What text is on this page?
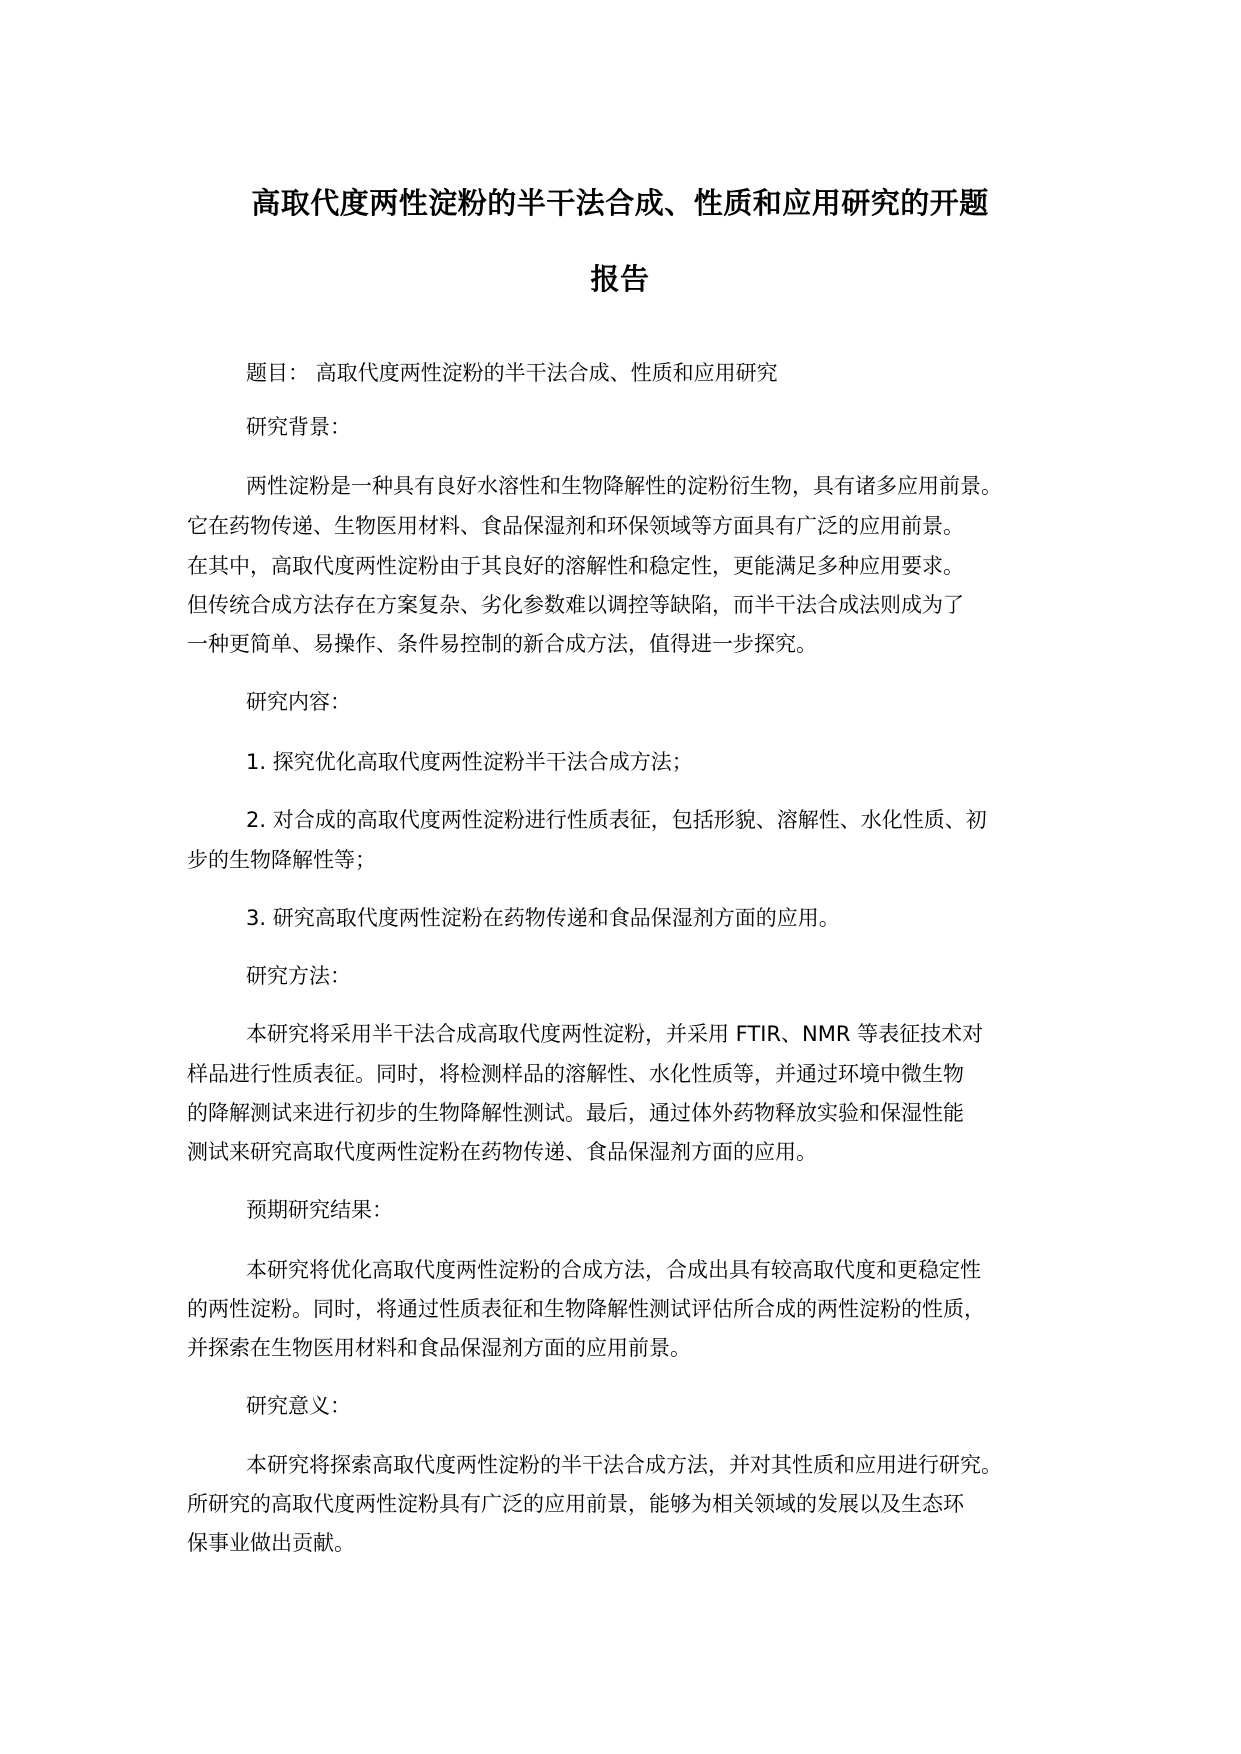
高取代度两性淀粉的半干法合成、性质和应用研究的开题
报告
题目： 高取代度两性淀粉的半干法合成、性质和应用研究
研究背景：
两性淀粉是一种具有良好水溶性和生物降解性的淀粉衍生物，具有诸多应用前景。
它在药物传递、生物医用材料、食品保湿剂和环保领域等方面具有广泛的应用前景。
在其中，高取代度两性淀粉由于其良好的溶解性和稳定性，更能满足多种应用要求。
但传统合成方法存在方案复杂、劣化参数难以调控等缺陷，而半干法合成法则成为了
一种更简单、易操作、条件易控制的新合成方法，值得进一步探究。
研究内容：
1. 探究优化高取代度两性淀粉半干法合成方法；
2. 对合成的高取代度两性淀粉进行性质表征，包括形貌、溶解性、水化性质、初
步的生物降解性等；
3. 研究高取代度两性淀粉在药物传递和食品保湿剂方面的应用。
研究方法：
本研究将采用半干法合成高取代度两性淀粉，并采用 FTIR、NMR 等表征技术对
样品进行性质表征。同时，将检测样品的溶解性、水化性质等，并通过环境中微生物
的降解测试来进行初步的生物降解性测试。最后，通过体外药物释放实验和保湿性能
测试来研究高取代度两性淀粉在药物传递、食品保湿剂方面的应用。
预期研究结果：
本研究将优化高取代度两性淀粉的合成方法，合成出具有较高取代度和更稳定性
的两性淀粉。同时，将通过性质表征和生物降解性测试评估所合成的两性淀粉的性质，
并探索在生物医用材料和食品保湿剂方面的应用前景。
研究意义：
本研究将探索高取代度两性淀粉的半干法合成方法，并对其性质和应用进行研究。
所研究的高取代度两性淀粉具有广泛的应用前景，能够为相关领域的发展以及生态环
保事业做出贡献。
